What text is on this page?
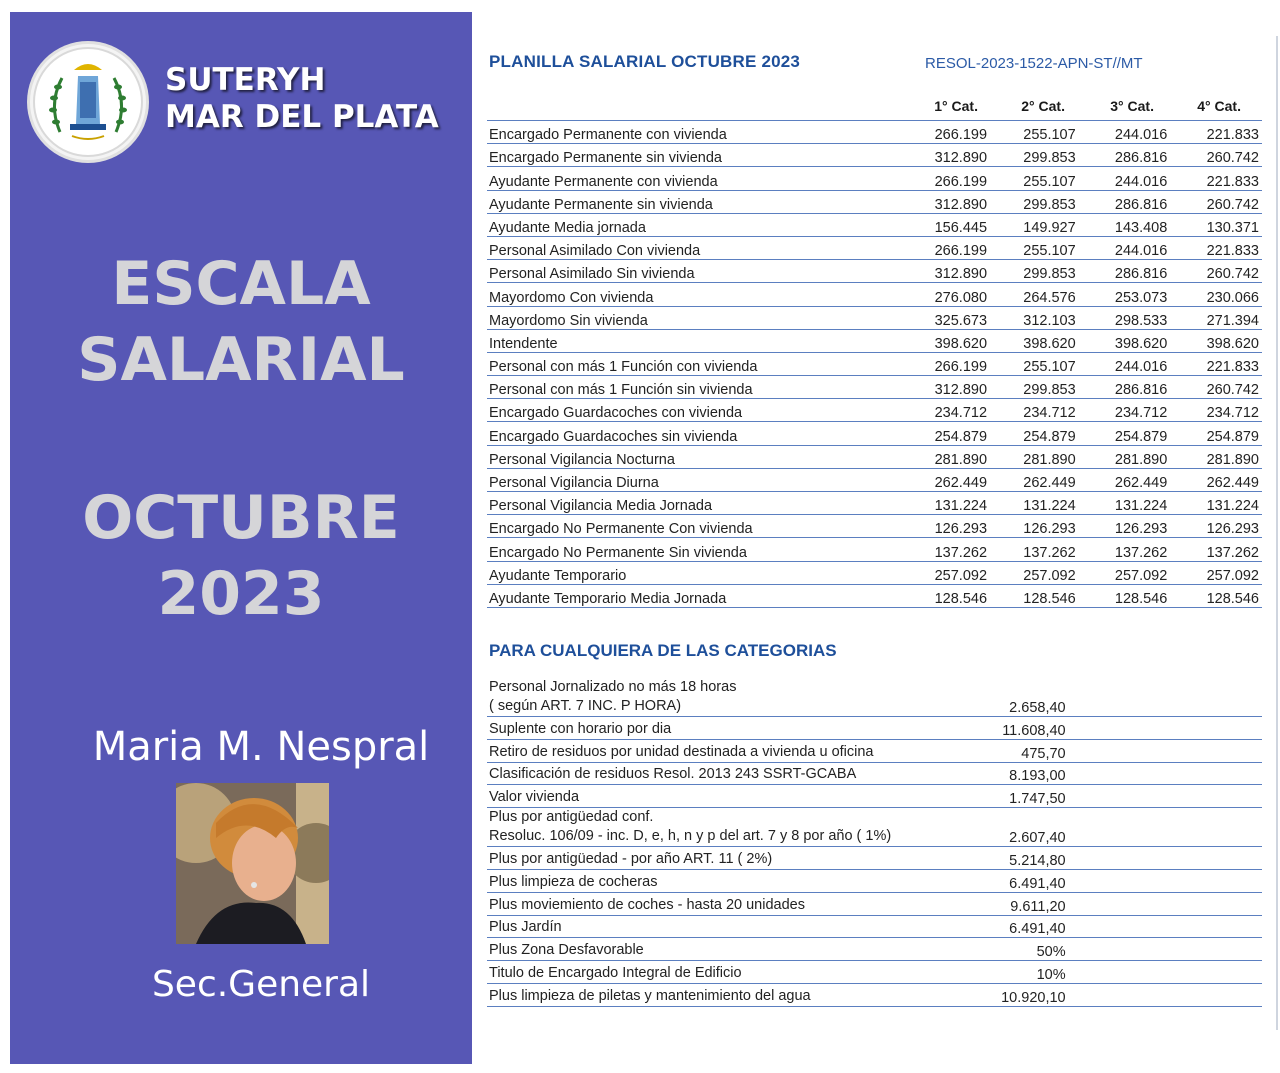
SUTERYH
MAR DEL PLATA
ESCALA
SALARIAL
OCTUBRE
2023
Maria M. Nespral
Sec.General
PLANILLA SALARIAL OCTUBRE 2023	RESOL-2023-1522-APN-ST//MT
1° Cat.	2° Cat.	3° Cat.	4° Cat.
Encargado Permanente con vivienda	266.199	255.107	244.016	221.833
Encargado Permanente sin vivienda	312.890	299.853	286.816	260.742
Ayudante Permanente con vivienda	266.199	255.107	244.016	221.833
Ayudante Permanente sin vivienda	312.890	299.853	286.816	260.742
Ayudante Media jornada	156.445	149.927	143.408	130.371
Personal Asimilado Con vivienda	266.199	255.107	244.016	221.833
Personal Asimilado Sin vivienda	312.890	299.853	286.816	260.742
Mayordomo Con vivienda	276.080	264.576	253.073	230.066
Mayordomo Sin vivienda	325.673	312.103	298.533	271.394
Intendente	398.620	398.620	398.620	398.620
Personal con más 1 Función con vivienda	266.199	255.107	244.016	221.833
Personal con más 1 Función sin vivienda	312.890	299.853	286.816	260.742
Encargado Guardacoches con vivienda	234.712	234.712	234.712	234.712
Encargado Guardacoches sin vivienda	254.879	254.879	254.879	254.879
Personal Vigilancia Nocturna	281.890	281.890	281.890	281.890
Personal Vigilancia Diurna	262.449	262.449	262.449	262.449
Personal Vigilancia Media Jornada	131.224	131.224	131.224	131.224
Encargado No Permanente Con vivienda	126.293	126.293	126.293	126.293
Encargado No Permanente Sin vivienda	137.262	137.262	137.262	137.262
Ayudante Temporario	257.092	257.092	257.092	257.092
Ayudante Temporario Media Jornada	128.546	128.546	128.546	128.546
PARA CUALQUIERA DE LAS CATEGORIAS
Personal Jornalizado no más 18 horas
( según ART. 7 INC. P HORA)	2.658,40	

Suplente con horario por dia	11.608,40	

Retiro de residuos por unidad destinada a vivienda u oficina	475,70	

Clasificación de residuos Resol. 2013 243 SSRT-GCABA	8.193,00	

Valor vivienda	1.747,50	

Plus por antigüedad conf.
Resoluc. 106/09 - inc. D, e, h, n y p del art. 7 y 8 por año ( 1%)	2.607,40	

Plus por antigüedad - por año ART. 11 ( 2%)	5.214,80	

Plus limpieza de cocheras	6.491,40	

Plus moviemiento de coches - hasta 20 unidades	9.611,20	

Plus Jardín	6.491,40	

Plus Zona Desfavorable	50%	

Titulo de Encargado Integral de Edificio	10%	

Plus limpieza de piletas y mantenimiento del agua	10.920,10	
